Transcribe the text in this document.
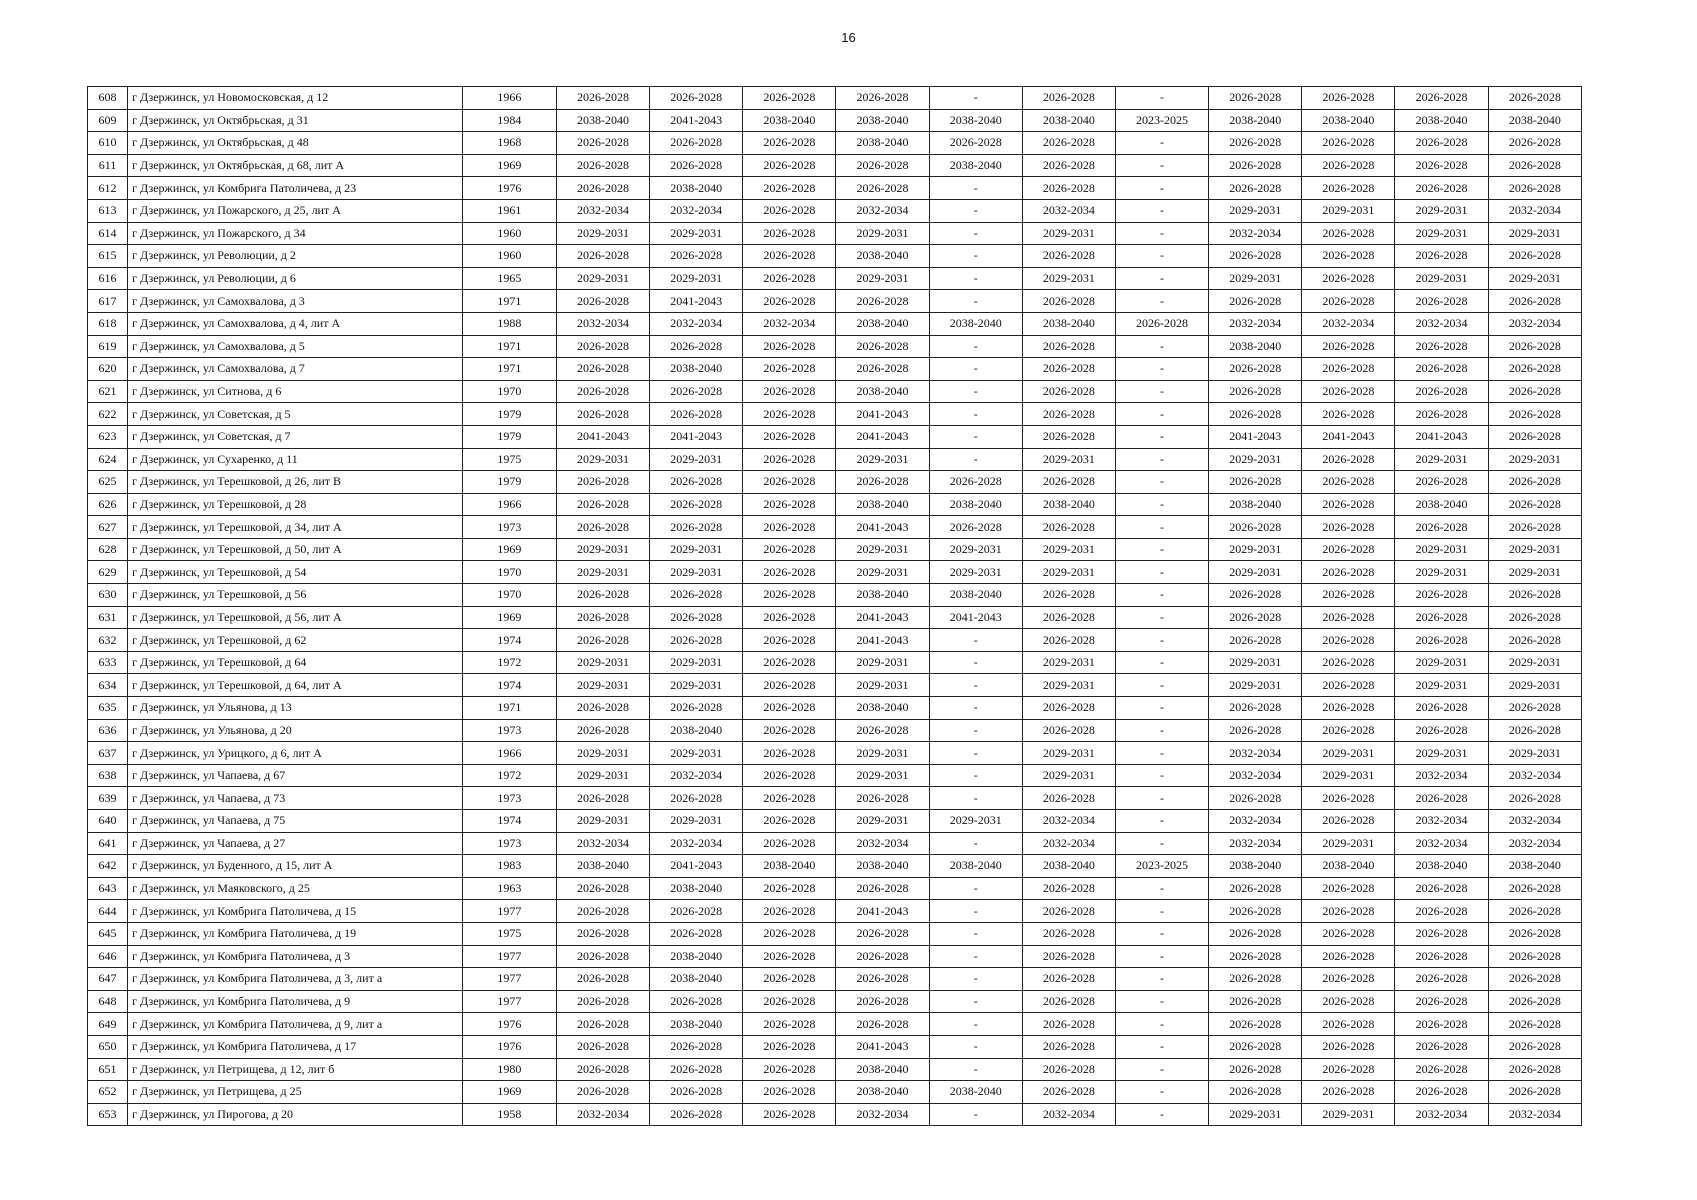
16
608	г Дзержинск, ул Новомосковская, д 12	1966	2026-2028	2026-2028	2026-2028	2026-2028	-	2026-2028	-	2026-2028	2026-2028	2026-2028	2026-2028
609	г Дзержинск, ул Октябрьская, д 31	1984	2038-2040	2041-2043	2038-2040	2038-2040	2038-2040	2038-2040	2023-2025	2038-2040	2038-2040	2038-2040	2038-2040
610	г Дзержинск, ул Октябрьская, д 48	1968	2026-2028	2026-2028	2026-2028	2038-2040	2026-2028	2026-2028	-	2026-2028	2026-2028	2026-2028	2026-2028
611	г Дзержинск, ул Октябрьская, д 68, лит А	1969	2026-2028	2026-2028	2026-2028	2026-2028	2038-2040	2026-2028	-	2026-2028	2026-2028	2026-2028	2026-2028
612	г Дзержинск, ул Комбрига Патоличева, д 23	1976	2026-2028	2038-2040	2026-2028	2026-2028	-	2026-2028	-	2026-2028	2026-2028	2026-2028	2026-2028
613	г Дзержинск, ул Пожарского, д 25, лит А	1961	2032-2034	2032-2034	2026-2028	2032-2034	-	2032-2034	-	2029-2031	2029-2031	2029-2031	2032-2034
614	г Дзержинск, ул Пожарского, д 34	1960	2029-2031	2029-2031	2026-2028	2029-2031	-	2029-2031	-	2032-2034	2026-2028	2029-2031	2029-2031
615	г Дзержинск, ул Революции, д 2	1960	2026-2028	2026-2028	2026-2028	2038-2040	-	2026-2028	-	2026-2028	2026-2028	2026-2028	2026-2028
616	г Дзержинск, ул Революции, д 6	1965	2029-2031	2029-2031	2026-2028	2029-2031	-	2029-2031	-	2029-2031	2026-2028	2029-2031	2029-2031
617	г Дзержинск, ул Самохвалова, д 3	1971	2026-2028	2041-2043	2026-2028	2026-2028	-	2026-2028	-	2026-2028	2026-2028	2026-2028	2026-2028
618	г Дзержинск, ул Самохвалова, д 4, лит А	1988	2032-2034	2032-2034	2032-2034	2038-2040	2038-2040	2038-2040	2026-2028	2032-2034	2032-2034	2032-2034	2032-2034
619	г Дзержинск, ул Самохвалова, д 5	1971	2026-2028	2026-2028	2026-2028	2026-2028	-	2026-2028	-	2038-2040	2026-2028	2026-2028	2026-2028
620	г Дзержинск, ул Самохвалова, д 7	1971	2026-2028	2038-2040	2026-2028	2026-2028	-	2026-2028	-	2026-2028	2026-2028	2026-2028	2026-2028
621	г Дзержинск, ул Ситнова, д 6	1970	2026-2028	2026-2028	2026-2028	2038-2040	-	2026-2028	-	2026-2028	2026-2028	2026-2028	2026-2028
622	г Дзержинск, ул Советская, д 5	1979	2026-2028	2026-2028	2026-2028	2041-2043	-	2026-2028	-	2026-2028	2026-2028	2026-2028	2026-2028
623	г Дзержинск, ул Советская, д 7	1979	2041-2043	2041-2043	2026-2028	2041-2043	-	2026-2028	-	2041-2043	2041-2043	2041-2043	2026-2028
624	г Дзержинск, ул Сухаренко, д 11	1975	2029-2031	2029-2031	2026-2028	2029-2031	-	2029-2031	-	2029-2031	2026-2028	2029-2031	2029-2031
625	г Дзержинск, ул Терешковой, д 26, лит В	1979	2026-2028	2026-2028	2026-2028	2026-2028	2026-2028	2026-2028	-	2026-2028	2026-2028	2026-2028	2026-2028
626	г Дзержинск, ул Терешковой, д 28	1966	2026-2028	2026-2028	2026-2028	2038-2040	2038-2040	2038-2040	-	2038-2040	2026-2028	2038-2040	2026-2028
627	г Дзержинск, ул Терешковой, д 34, лит А	1973	2026-2028	2026-2028	2026-2028	2041-2043	2026-2028	2026-2028	-	2026-2028	2026-2028	2026-2028	2026-2028
628	г Дзержинск, ул Терешковой, д 50, лит А	1969	2029-2031	2029-2031	2026-2028	2029-2031	2029-2031	2029-2031	-	2029-2031	2026-2028	2029-2031	2029-2031
629	г Дзержинск, ул Терешковой, д 54	1970	2029-2031	2029-2031	2026-2028	2029-2031	2029-2031	2029-2031	-	2029-2031	2026-2028	2029-2031	2029-2031
630	г Дзержинск, ул Терешковой, д 56	1970	2026-2028	2026-2028	2026-2028	2038-2040	2038-2040	2026-2028	-	2026-2028	2026-2028	2026-2028	2026-2028
631	г Дзержинск, ул Терешковой, д 56, лит А	1969	2026-2028	2026-2028	2026-2028	2041-2043	2041-2043	2026-2028	-	2026-2028	2026-2028	2026-2028	2026-2028
632	г Дзержинск, ул Терешковой, д 62	1974	2026-2028	2026-2028	2026-2028	2041-2043	-	2026-2028	-	2026-2028	2026-2028	2026-2028	2026-2028
633	г Дзержинск, ул Терешковой, д 64	1972	2029-2031	2029-2031	2026-2028	2029-2031	-	2029-2031	-	2029-2031	2026-2028	2029-2031	2029-2031
634	г Дзержинск, ул Терешковой, д 64, лит А	1974	2029-2031	2029-2031	2026-2028	2029-2031	-	2029-2031	-	2029-2031	2026-2028	2029-2031	2029-2031
635	г Дзержинск, ул Ульянова, д 13	1971	2026-2028	2026-2028	2026-2028	2038-2040	-	2026-2028	-	2026-2028	2026-2028	2026-2028	2026-2028
636	г Дзержинск, ул Ульянова, д 20	1973	2026-2028	2038-2040	2026-2028	2026-2028	-	2026-2028	-	2026-2028	2026-2028	2026-2028	2026-2028
637	г Дзержинск, ул Урицкого, д 6, лит А	1966	2029-2031	2029-2031	2026-2028	2029-2031	-	2029-2031	-	2032-2034	2029-2031	2029-2031	2029-2031
638	г Дзержинск, ул Чапаева, д 67	1972	2029-2031	2032-2034	2026-2028	2029-2031	-	2029-2031	-	2032-2034	2029-2031	2032-2034	2032-2034
639	г Дзержинск, ул Чапаева, д 73	1973	2026-2028	2026-2028	2026-2028	2026-2028	-	2026-2028	-	2026-2028	2026-2028	2026-2028	2026-2028
640	г Дзержинск, ул Чапаева, д 75	1974	2029-2031	2029-2031	2026-2028	2029-2031	2029-2031	2032-2034	-	2032-2034	2026-2028	2032-2034	2032-2034
641	г Дзержинск, ул Чапаева, д 27	1973	2032-2034	2032-2034	2026-2028	2032-2034	-	2032-2034	-	2032-2034	2029-2031	2032-2034	2032-2034
642	г Дзержинск, ул Буденного, д 15, лит А	1983	2038-2040	2041-2043	2038-2040	2038-2040	2038-2040	2038-2040	2023-2025	2038-2040	2038-2040	2038-2040	2038-2040
643	г Дзержинск, ул Маяковского, д 25	1963	2026-2028	2038-2040	2026-2028	2026-2028	-	2026-2028	-	2026-2028	2026-2028	2026-2028	2026-2028
644	г Дзержинск, ул Комбрига Патоличева, д 15	1977	2026-2028	2026-2028	2026-2028	2041-2043	-	2026-2028	-	2026-2028	2026-2028	2026-2028	2026-2028
645	г Дзержинск, ул Комбрига Патоличева, д 19	1975	2026-2028	2026-2028	2026-2028	2026-2028	-	2026-2028	-	2026-2028	2026-2028	2026-2028	2026-2028
646	г Дзержинск, ул Комбрига Патоличева, д 3	1977	2026-2028	2038-2040	2026-2028	2026-2028	-	2026-2028	-	2026-2028	2026-2028	2026-2028	2026-2028
647	г Дзержинск, ул Комбрига Патоличева, д 3, лит а	1977	2026-2028	2038-2040	2026-2028	2026-2028	-	2026-2028	-	2026-2028	2026-2028	2026-2028	2026-2028
648	г Дзержинск, ул Комбрига Патоличева, д 9	1977	2026-2028	2026-2028	2026-2028	2026-2028	-	2026-2028	-	2026-2028	2026-2028	2026-2028	2026-2028
649	г Дзержинск, ул Комбрига Патоличева, д 9, лит а	1976	2026-2028	2038-2040	2026-2028	2026-2028	-	2026-2028	-	2026-2028	2026-2028	2026-2028	2026-2028
650	г Дзержинск, ул Комбрига Патоличева, д 17	1976	2026-2028	2026-2028	2026-2028	2041-2043	-	2026-2028	-	2026-2028	2026-2028	2026-2028	2026-2028
651	г Дзержинск, ул Петрищева, д 12, лит б	1980	2026-2028	2026-2028	2026-2028	2038-2040	-	2026-2028	-	2026-2028	2026-2028	2026-2028	2026-2028
652	г Дзержинск, ул Петрищева, д 25	1969	2026-2028	2026-2028	2026-2028	2038-2040	2038-2040	2026-2028	-	2026-2028	2026-2028	2026-2028	2026-2028
653	г Дзержинск, ул Пирогова, д 20	1958	2032-2034	2026-2028	2026-2028	2032-2034	-	2032-2034	-	2029-2031	2029-2031	2032-2034	2032-2034
